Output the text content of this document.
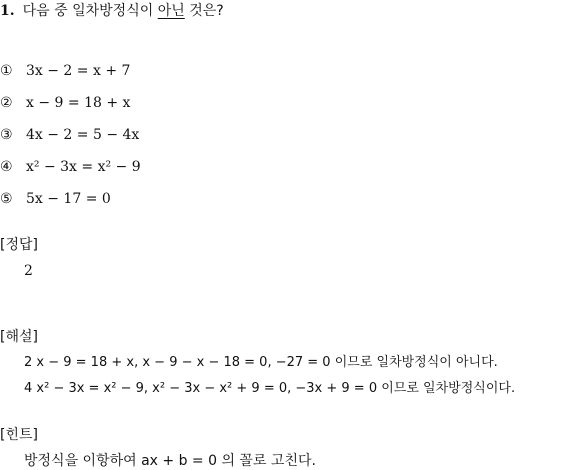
1. 다음 중 일차방정식이 아닌 것은?
① 3x − 2 = x + 7
② x − 9 = 18 + x
③ 4x − 2 = 5 − 4x
④ x² − 3x = x² − 9
⑤ 5x − 17 = 0
[정답]
2
[해설]
2 x − 9 = 18 + x, x − 9 − x − 18 = 0, −27 = 0 이므로 일차방정식이 아니다.
4 x² − 3x = x² − 9, x² − 3x − x² + 9 = 0, −3x + 9 = 0 이므로 일차방정식이다.
[힌트]
방정식을 이항하여 ax + b = 0 의 꼴로 고친다.
